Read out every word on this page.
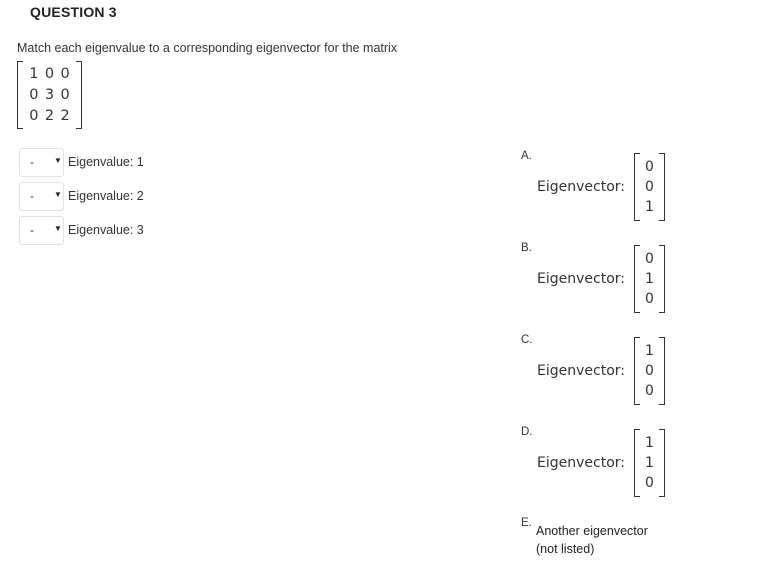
QUESTION 3
Match each eigenvalue to a corresponding eigenvector for the matrix
1 0 0
0 3 0
0 2 2
-	▼ Eigenvalue: 1
-	▼ Eigenvalue: 2
-	▼ Eigenvalue: 3
A.
Eigenvector:
0
0
1
B.
Eigenvector:
0
1
0
C.
Eigenvector:
1
0
0
D.
Eigenvector:
1
1
0
E.
Another eigenvector
(not listed)
